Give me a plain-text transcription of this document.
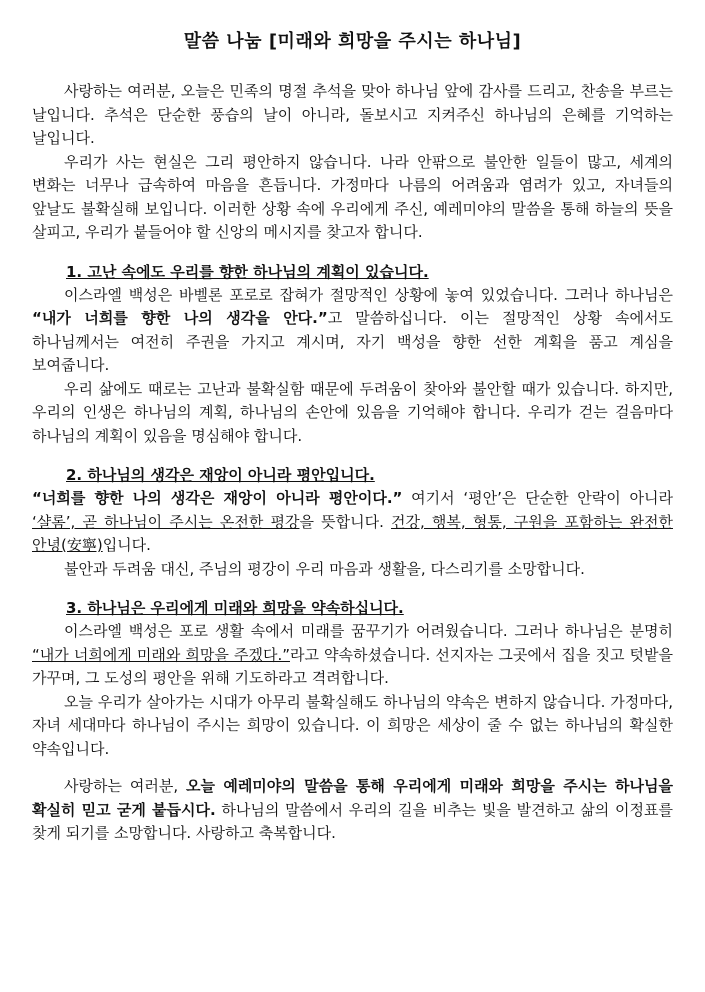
말씀 나눔 [미래와 희망을 주시는 하나님]

사랑하는 여러분, 오늘은 민족의 명절 추석을 맞아 하나님 앞에 감사를 드리고, 찬송을 부르는 날입니다. 추석은 단순한 풍습의 날이 아니라, 돌보시고 지켜주신 하나님의 은혜를 기억하는 날입니다.

우리가 사는 현실은 그리 평안하지 않습니다. 나라 안팎으로 불안한 일들이 많고, 세계의 변화는 너무나 급속하여 마음을 흔듭니다. 가정마다 나름의 어려움과 염려가 있고, 자녀들의 앞날도 불확실해 보입니다. 이러한 상황 속에 우리에게 주신, 예레미야의 말씀을 통해 하늘의 뜻을 살피고, 우리가 붙들어야 할 신앙의 메시지를 찾고자 합니다.

1. 고난 속에도 우리를 향한 하나님의 계획이 있습니다.

이스라엘 백성은 바벨론 포로로 잡혀가 절망적인 상황에 놓여 있었습니다. 그러나 하나님은 “내가 너희를 향한 나의 생각을 안다.”고 말씀하십니다. 이는 절망적인 상황 속에서도 하나님께서는 여전히 주권을 가지고 계시며, 자기 백성을 향한 선한 계획을 품고 계심을 보여줍니다.

우리 삶에도 때로는 고난과 불확실함 때문에 두려움이 찾아와 불안할 때가 있습니다. 하지만, 우리의 인생은 하나님의 계획, 하나님의 손안에 있음을 기억해야 합니다. 우리가 걷는 걸음마다 하나님의 계획이 있음을 명심해야 합니다.

2. 하나님의 생각은 재앙이 아니라 평안입니다.

“너희를 향한 나의 생각은 재앙이 아니라 평안이다.” 여기서 ‘평안’은 단순한 안락이 아니라 ‘샬롬’, 곧 하나님이 주시는 온전한 평강을 뜻합니다. 건강, 행복, 형통, 구원을 포함하는 완전한 안녕(安寧)입니다.

불안과 두려움 대신, 주님의 평강이 우리 마음과 생활을, 다스리기를 소망합니다.

3. 하나님은 우리에게 미래와 희망을 약속하십니다.

이스라엘 백성은 포로 생활 속에서 미래를 꿈꾸기가 어려웠습니다. 그러나 하나님은 분명히 “내가 너희에게 미래와 희망을 주겠다.”라고 약속하셨습니다. 선지자는 그곳에서 집을 짓고 텃밭을 가꾸며, 그 도성의 평안을 위해 기도하라고 격려합니다.

오늘 우리가 살아가는 시대가 아무리 불확실해도 하나님의 약속은 변하지 않습니다. 가정마다, 자녀 세대마다 하나님이 주시는 희망이 있습니다. 이 희망은 세상이 줄 수 없는 하나님의 확실한 약속입니다.

사랑하는 여러분, 오늘 예레미야의 말씀을 통해 우리에게 미래와 희망을 주시는 하나님을 확실히 믿고 굳게 붙듭시다. 하나님의 말씀에서 우리의 길을 비추는 빛을 발견하고 삶의 이정표를 찾게 되기를 소망합니다. 사랑하고 축복합니다.
